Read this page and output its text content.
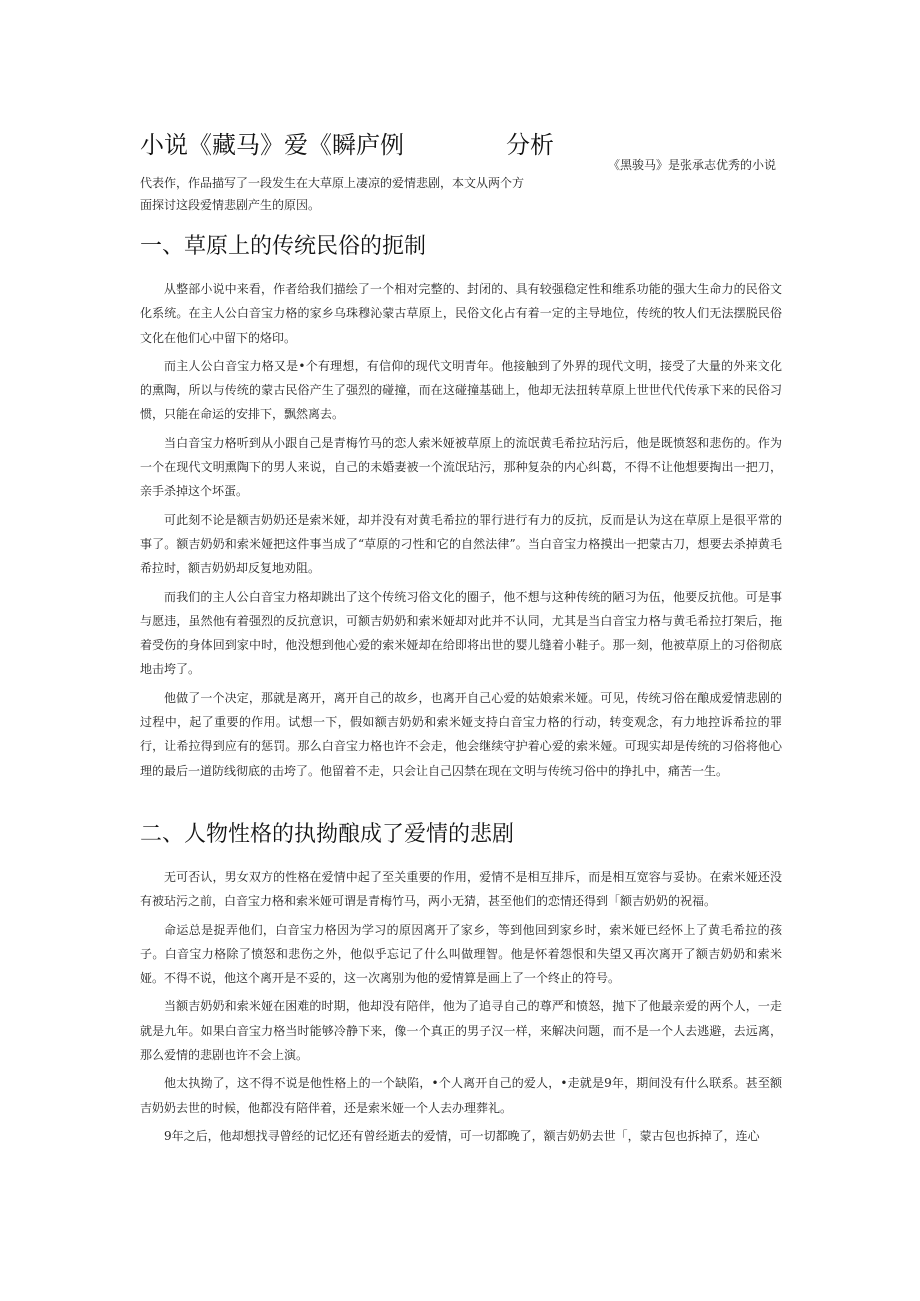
小说《藏马》爱《瞬庐例	分析
《黑骏马》是张承志优秀的小说

代表作，作品描写了一段发生在大草原上凄凉的爱情悲剧，本文从两个方

面探讨这段爱情悲剧产生的原因。

一、草原上的传统民俗的扼制

从整部小说中来看，作者给我们描绘了一个相对完整的、封闭的、具有较强稳定性和维系功能的强大生命力的民俗文化系统。在主人公白音宝力格的家乡乌珠穆沁蒙古草原上，民俗文化占有着一定的主导地位，传统的牧人们无法摆脱民俗文化在他们心中留下的烙印。

而主人公白音宝力格又是•个有理想，有信仰的现代文明青年。他接触到了外界的现代文明，接受了大量的外来文化的熏陶，所以与传统的蒙古民俗产生了强烈的碰撞，而在这碰撞基础上，他却无法扭转草原上世世代代传承下来的民俗习惯，只能在命运的安排下，飘然离去。

当白音宝力格听到从小跟自己是青梅竹马的恋人索米娅被草原上的流氓黄毛希拉玷污后，他是既愤怒和悲伤的。作为一个在现代文明熏陶下的男人来说，自己的未婚妻被一个流氓玷污，那种复杂的内心纠葛，不得不让他想要掏出一把刀，亲手杀掉这个坏蛋。

可此刻不论是额吉奶奶还是索米娅，却并没有对黄毛希拉的罪行进行有力的反抗，反而是认为这在草原上是很平常的事了。额吉奶奶和索米娅把这件事当成了“草原的刁性和它的自然法律”。当白音宝力格摸出一把蒙古刀，想要去杀掉黄毛希拉时，额吉奶奶却反复地劝阻。

而我们的主人公白音宝力格却跳出了这个传统习俗文化的圈子，他不想与这种传统的陋习为伍，他要反抗他。可是事与愿违，虽然他有着强烈的反抗意识，可额吉奶奶和索米娅却对此并不认同，尤其是当白音宝力格与黄毛希拉打架后，拖着受伤的身体回到家中时，他没想到他心爱的索米娅却在给即将出世的婴儿缝着小鞋子。那一刻，他被草原上的习俗彻底地击垮了。

他做了一个决定，那就是离开，离开自己的故乡，也离开自己心爱的姑娘索米娅。可见，传统习俗在酿成爱情悲剧的过程中，起了重要的作用。试想一下，假如额吉奶奶和索米娅支持白音宝力格的行动，转变观念，有力地控诉希拉的罪行，让希拉得到应有的惩罚。那么白音宝力格也许不会走，他会继续守护着心爱的索米娅。可现实却是传统的习俗将他心理的最后一道防线彻底的击垮了。他留着不走，只会让自己囚禁在现在文明与传统习俗中的挣扎中，痛苦一生。

二、人物性格的执拗酿成了爱情的悲剧

无可否认，男女双方的性格在爱情中起了至关重要的作用，爱情不是相互排斥，而是相互宽容与妥协。在索米娅还没有被玷污之前，白音宝力格和索米娅可谓是青梅竹马，两小无猜，甚至他们的恋情还得到「额吉奶奶的祝福。

命运总是捉弄他们，白音宝力格因为学习的原因离开了家乡，等到他回到家乡时，索米娅已经怀上了黄毛希拉的孩子。白音宝力格除了愤怒和悲伤之外，他似乎忘记了什么叫做理智。他是怀着怨恨和失望又再次离开了额吉奶奶和索米娅。不得不说，他这个离开是不妥的，这一次离别为他的爱情算是画上了一个终止的符号。

当额吉奶奶和索米娅在困难的时期，他却没有陪伴，他为了追寻自己的尊严和愤怒，抛下了他最亲爱的两个人，一走就是九年。如果白音宝力格当时能够冷静下来，像一个真正的男子汉一样，来解决问题，而不是一个人去逃避，去远离，那么爱情的悲剧也许不会上演。

他太执拗了，这不得不说是他性格上的一个缺陷，•个人离开自己的爱人，•走就是9年，期间没有什么联系。甚至额吉奶奶去世的时候，他都没有陪伴着，还是索米娅一个人去办理葬礼。

9年之后，他却想找寻曾经的记忆还有曾经逝去的爱情，可一切都晚了，额吉奶奶去世「，蒙古包也拆掉了，连心
